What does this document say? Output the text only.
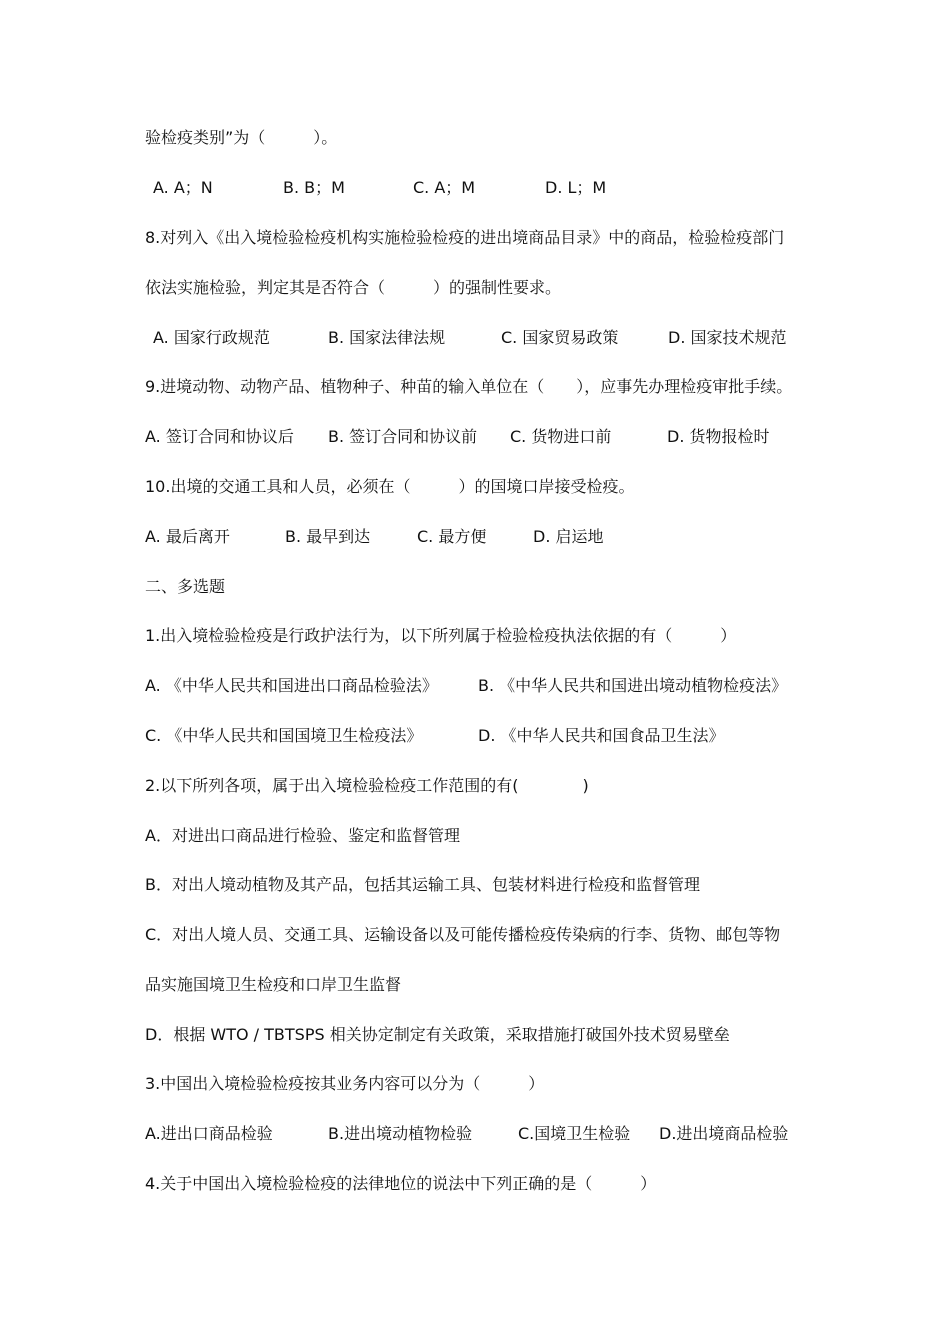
验检疫类别”为（　　　）。
A. A；N	B. B；M	C. A；M	D. L；M
8.对列入《出入境检验检疫机构实施检验检疫的进出境商品目录》中的商品，检验检疫部门
依法实施检验，判定其是否符合（　　　）的强制性要求。
A. 国家行政规范	B. 国家法律法规	C. 国家贸易政策	D. 国家技术规范
9.进境动物、动物产品、植物种子、种苗的输入单位在（　　），应事先办理检疫审批手续。
A. 签订合同和协议后 B. 签订合同和协议前 C. 货物进口前	D. 货物报检时
10.出境的交通工具和人员，必须在（　　　）的国境口岸接受检疫。
A. 最后离开	B. 最早到达	C. 最方便	D. 启运地
二、多选题
1.出入境检验检疫是行政护法行为，以下所列属于检验检疫执法依据的有（　　　）
A. 《中华人民共和国进出口商品检验法》	B. 《中华人民共和国进出境动植物检疫法》
C. 《中华人民共和国国境卫生检疫法》	D. 《中华人民共和国食品卫生法》
2.以下所列各项，属于出入境检验检疫工作范围的有(　　　　)
A．对进出口商品进行检验、鉴定和监督管理
B．对出人境动植物及其产品，包括其运输工具、包装材料进行检疫和监督管理
C．对出人境人员、交通工具、运输设备以及可能传播检疫传染病的行李、货物、邮包等物
品实施国境卫生检疫和口岸卫生监督
D．根据 WTO / TBTSPS 相关协定制定有关政策，采取措施打破国外技术贸易壁垒
3.中国出入境检验检疫按其业务内容可以分为（　　　）
A.进出口商品检验	B.进出境动植物检验	C.国境卫生检验 D.进出境商品检验
4.关于中国出入境检验检疫的法律地位的说法中下列正确的是（　　　）
